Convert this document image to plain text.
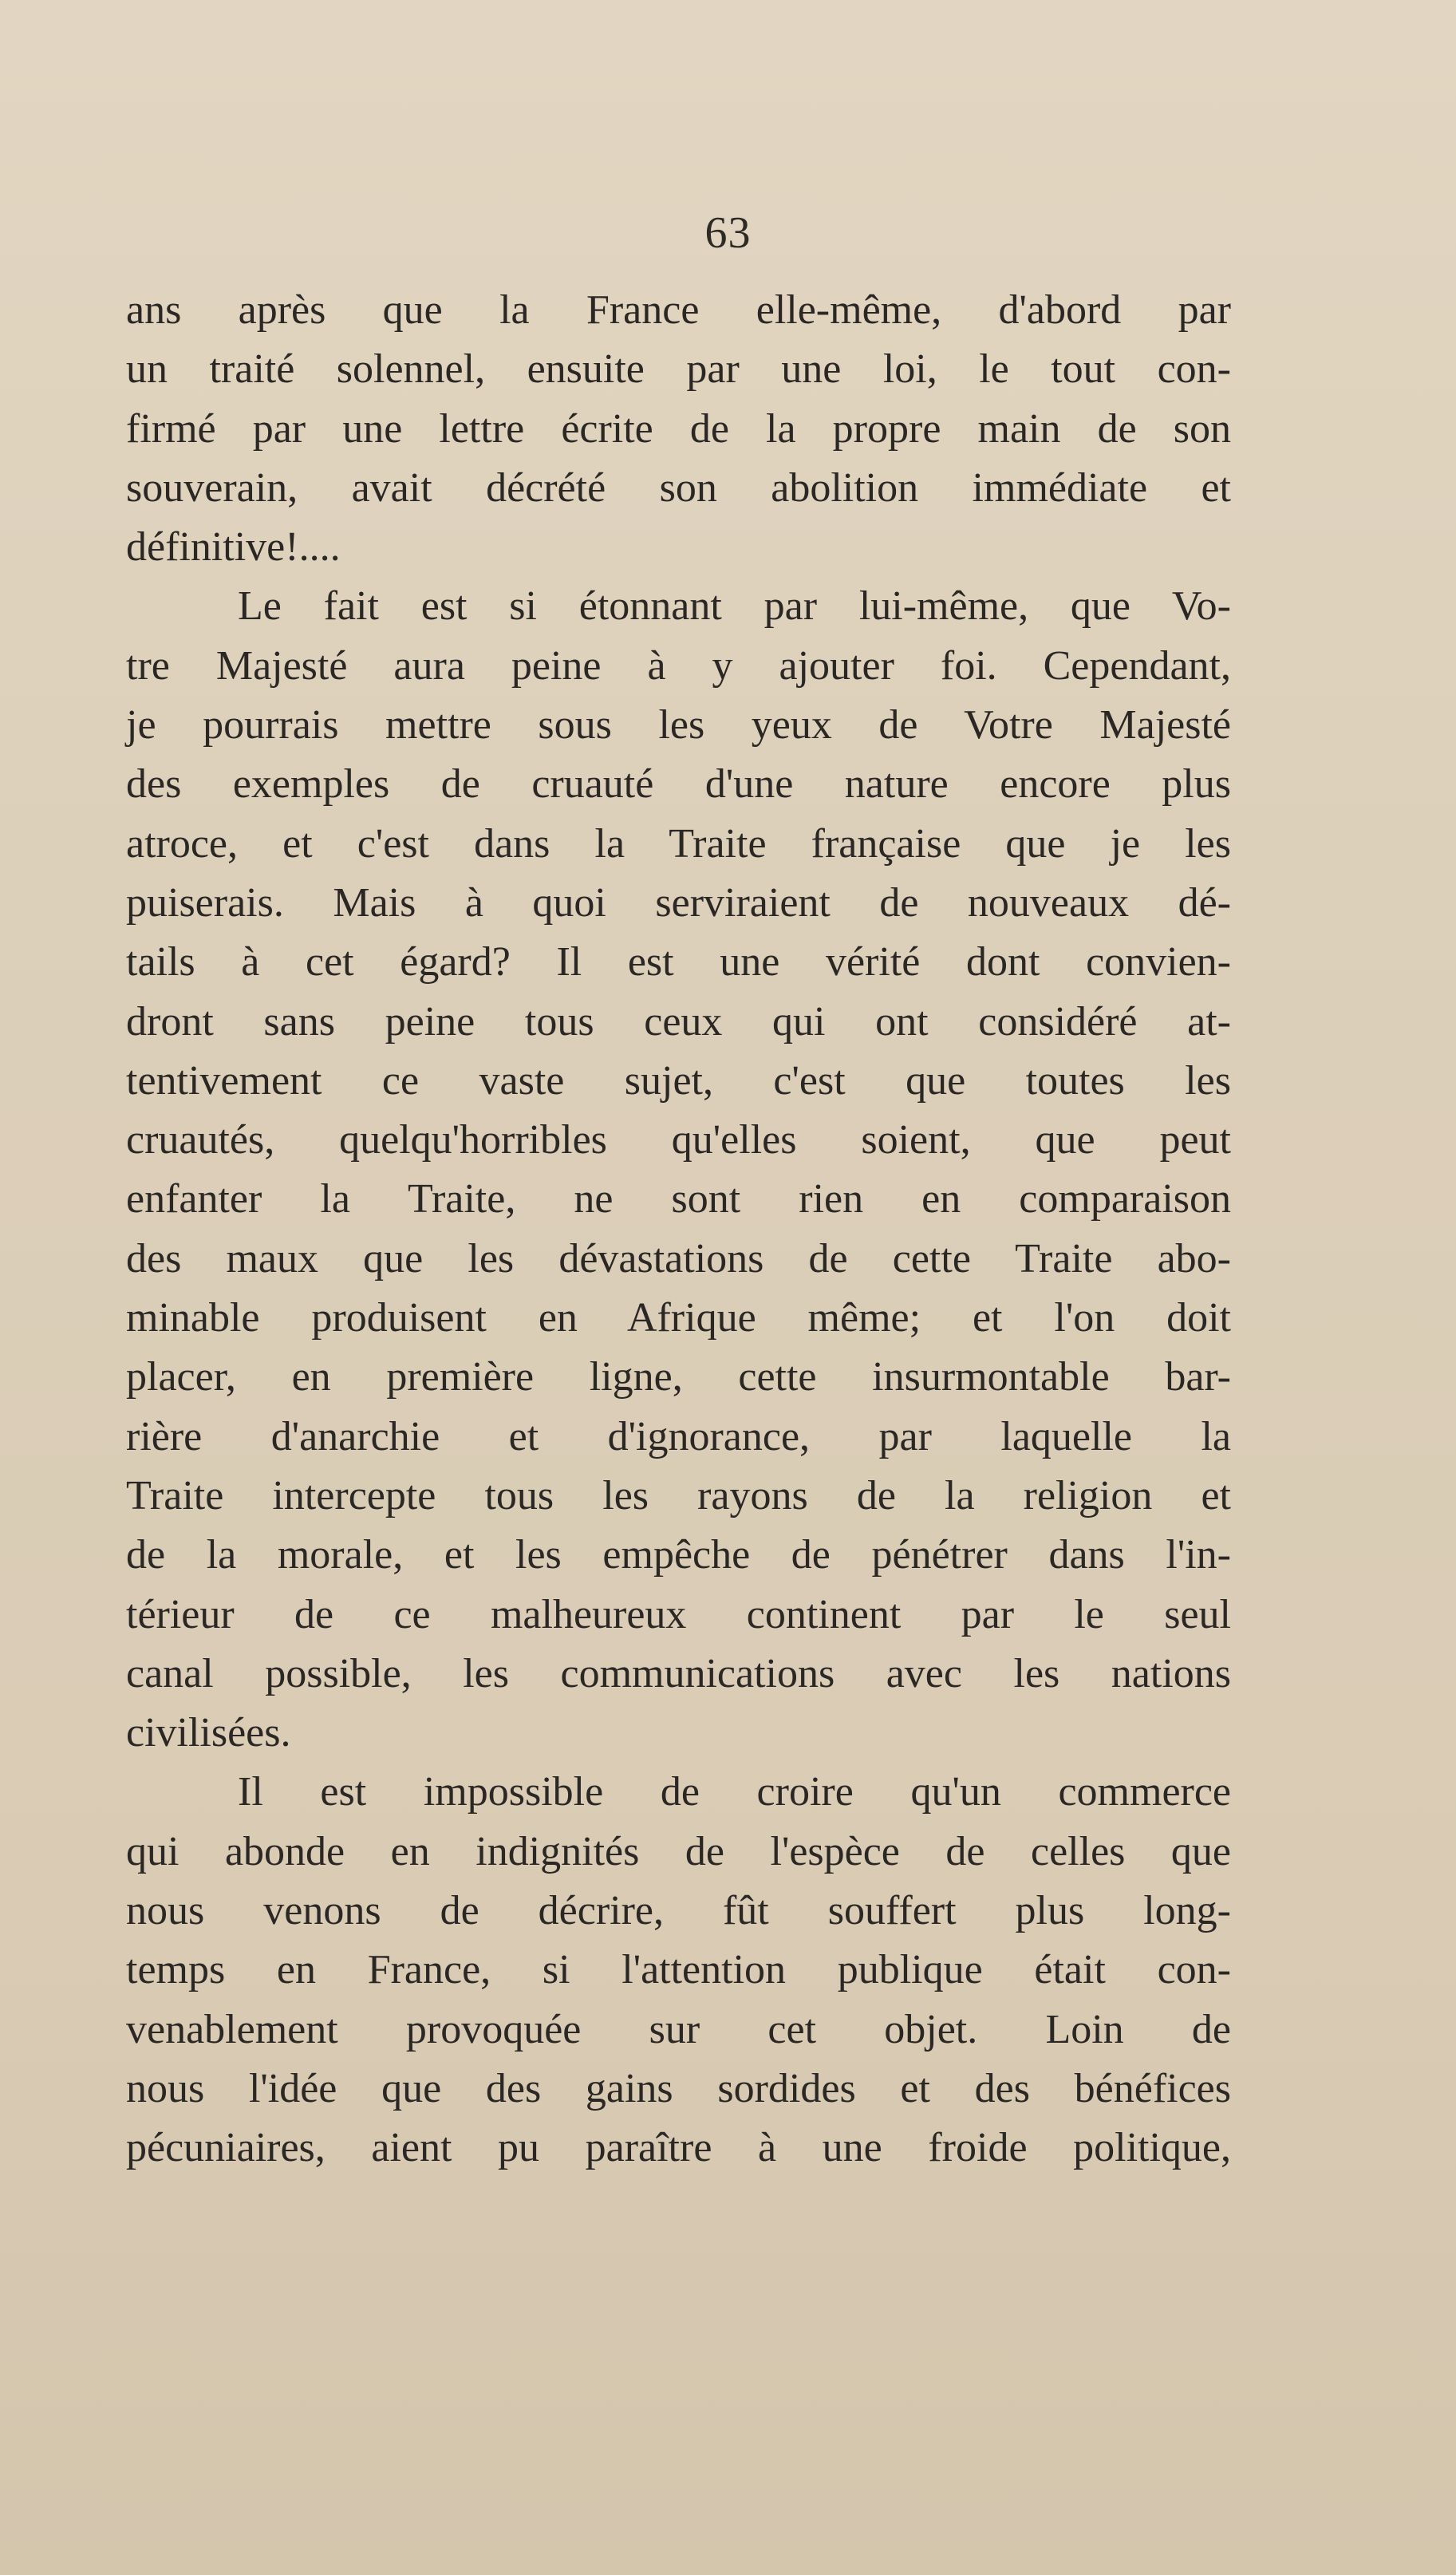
63
ans après que la France elle-même, d'abord par
un traité solennel, ensuite par une loi, le tout con-
firmé par une lettre écrite de la propre main de son
souverain, avait décrété son abolition immédiate et
définitive!....
Le fait est si étonnant par lui-même, que Vo-
tre Majesté aura peine à y ajouter foi. Cependant,
je pourrais mettre sous les yeux de Votre Majesté
des exemples de cruauté d'une nature encore plus
atroce, et c'est dans la Traite française que je les
puiserais. Mais à quoi serviraient de nouveaux dé-
tails à cet égard? Il est une vérité dont convien-
dront sans peine tous ceux qui ont considéré at-
tentivement ce vaste sujet, c'est que toutes les
cruautés, quelqu'horribles qu'elles soient, que peut
enfanter la Traite, ne sont rien en comparaison
des maux que les dévastations de cette Traite abo-
minable produisent en Afrique même; et l'on doit
placer, en première ligne, cette insurmontable bar-
rière d'anarchie et d'ignorance, par laquelle la
Traite intercepte tous les rayons de la religion et
de la morale, et les empêche de pénétrer dans l'in-
térieur de ce malheureux continent par le seul
canal possible, les communications avec les nations
civilisées.
Il est impossible de croire qu'un commerce
qui abonde en indignités de l'espèce de celles que
nous venons de décrire, fût souffert plus long-
temps en France, si l'attention publique était con-
venablement provoquée sur cet objet. Loin de
nous l'idée que des gains sordides et des bénéfices
pécuniaires, aient pu paraître à une froide politique,
